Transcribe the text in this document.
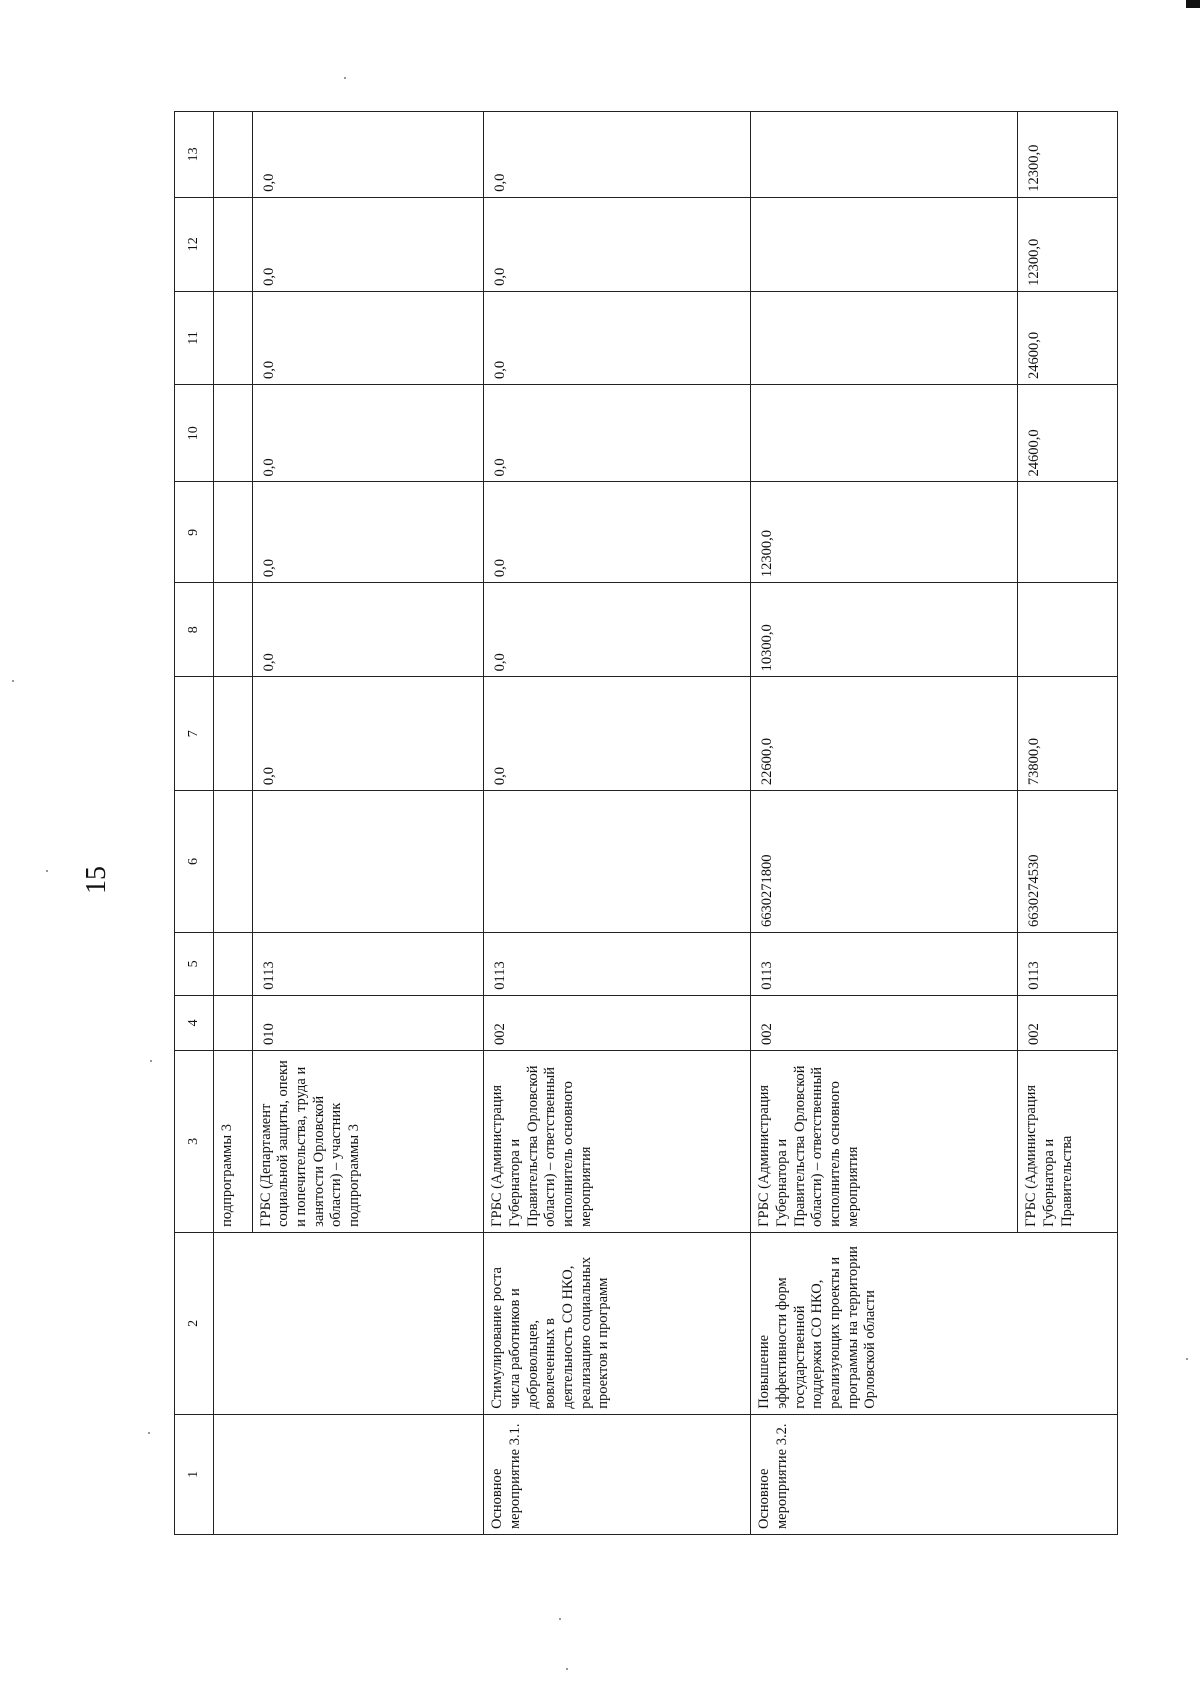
15
1	2	3	4	5	6	7	8	9	10	11	12	13
		подпрограммы 3										
		ГРБС (Департамент социальной защиты, опеки и попечительства, труда и занятости Орловской области) – участник подпрограммы 3	010	0113		0,0	0,0	0,0	0,0	0,0	0,0	0,0
Основное мероприятие 3.1.	Стимулирование роста числа работников и добровольцев, вовлеченных в деятельность СО НКО, реализацию социальных проектов и программ	ГРБС (Администрация Губернатора и Правительства Орловской области) – ответственный исполнитель основного мероприятия	002	0113		0,0	0,0	0,0	0,0	0,0	0,0	0,0
Основное мероприятие 3.2.	Повышение эффективности форм государственной поддержки СО НКО, реализующих проекты и программы на территории Орловской области	ГРБС (Администрация Губернатора и Правительства Орловской области) – ответственный исполнитель основного мероприятия	002	0113	6630271800	22600,0	10300,0	12300,0				
		ГРБС (Администрация Губернатора и Правительства	002	0113	6630274530	73800,0			24600,0	24600,0	12300,0	12300,0
